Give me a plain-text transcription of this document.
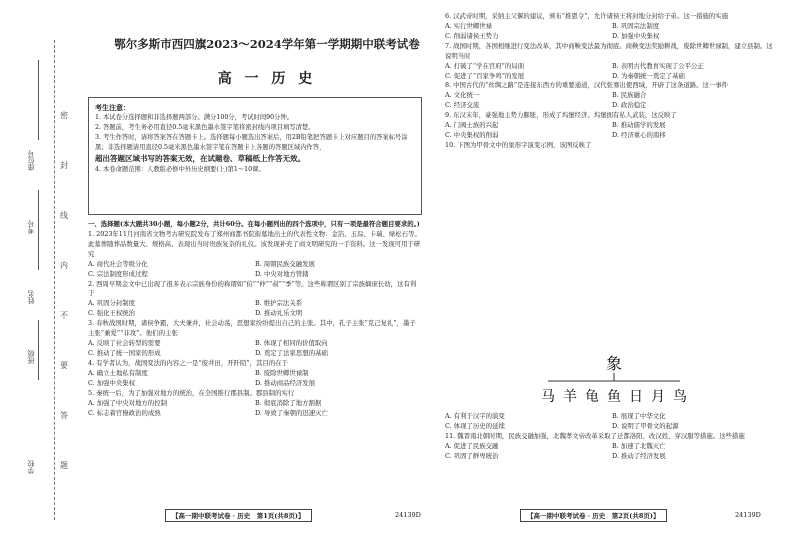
座位号
考号
姓名
班级
学校
密
封
线
内
不
要
答
题
鄂尔多斯市西四旗2023～2024学年第一学期期中联考试卷
高 一 历 史
考生注意：

1. 本试卷分选择题和非选择题两部分。满分100分，考试时间90分钟。

2. 答题前，考生务必用直径0.5毫米黑色墨水签字笔将密封线内项目填写清楚。

3. 考生作答时，请将答案答在答题卡上。选择题每小题选出答案后，用2B铅笔把答题卡上对应题目的答案标号涂黑；非选择题请用直径0.5毫米黑色墨水签字笔在答题卡上各题的答题区域内作答，

超出答题区域书写的答案无效，在试题卷、草稿纸上作答无效。

4. 本卷命题范围：人教版必修中外历史纲要(上)第1～10课。

一、选择题(本大题共30小题，每小题2分，共计60分。在每小题列出的四个选项中，只有一项是最符合题目要求的。)

1. 2023年11月河南省文物考古研究院发布了郑州商都书院街墓地出土的代表性文物：金箔、玉琮、卡瑞、绿松石等。此墓葬随葬品数量大、规格高、表现出当时贵族复杂的礼仪。该发现补充了商文明研究的一手资料。这一发现可用于研究

A. 商代社会等级分化	B. 周朝民族交融发展
C. 宗法制度形成过程	D. 中央对地方管辖

2. 西周早期金文中已出现了很多表示宗族身份的称谓如“伯”“仲”“叔”“季”等。这些称谓区别了宗族嫡庶长幼，这有利于

A. 巩固分封制度	B. 维护宗法关系
C. 强化王权统治	D. 推动礼乐文明

3. 春秋战国时期，诸侯争霸，大夫兼并，社会动荡，思想家纷纷提出自己的主张。其中，孔子主张“克己复礼”，墨子主张“兼爱”“非攻”。他们的主张

A. 反映了社会转型的需要	B. 体现了相同的价值取向
C. 推动了统一国家的形成	D. 奠定了法家思想的基础

4. 有学者认为，战国变法的内容之一是“废井田，开阡陌”，其目的在于

A. 确立土地私有制度	B. 废除世卿世禄制
C. 加强中央集权	D. 推动商品经济发展

5. 秦统一后，为了加强对地方的统治，在全国推行郡县制。郡县制的实行

A. 加强了中央对地方的控制	B. 彻底消除了地方割据
C. 标志着官僚政治的成熟	D. 导致了秦朝的迅速灭亡
【高一期中联考试卷 · 历史　第1页(共8页)】	24139D

6. 汉武帝时期，采纳主父偃的建议，颁布“推恩令”，允许诸侯王将封地分封给子弟。这一措施的实施

A. 实行世卿世禄	B. 巩固宗法制度
C. 削弱诸侯王势力	D. 加强中央集权

7. 战国时期，各国相继进行变法改革，其中商鞅变法最为彻底。商鞅变法奖励耕战，废除世卿世禄制，建立县制。这说明当时

A. 打破了“学在官府”的局面	B. 表明古代教育实现了公平公正
C. 促进了“百家争鸣”的发展	D. 为秦朝统一奠定了基础

8. 中国古代的“丝绸之路”是连接东西方的重要通道，汉代张骞出使西域，开辟了这条道路。这一事件

A. 文化统一	B. 民族融合
C. 经济交流	D. 政治稳定

9. 东汉末年，豪强地主势力膨胀，形成了坞堡经济。坞堡拥有私人武装，这反映了

A. 门阀士族的兴起	B. 推动儒学的发展
C. 中央集权的削弱	D. 经济重心的南移

10. 下图为甲骨文中的象形字演变示例，该图反映了

象
马 羊 龟 鱼 日 月 鸟
A. 有利于汉字的演变	B. 展现了中华文化
C. 体现了历史的延续	D. 说明了甲骨文的起源

11. 魏晋南北朝时期，民族交融加强，北魏孝文帝改革采取了迁都洛阳、改汉姓、穿汉服等措施。这些措施

A. 促进了民族交融	B. 加速了北魏灭亡
C. 巩固了鲜卑统治	D. 推动了经济发展
【高一期中联考试卷 · 历史　第2页(共8页)】	24139D
